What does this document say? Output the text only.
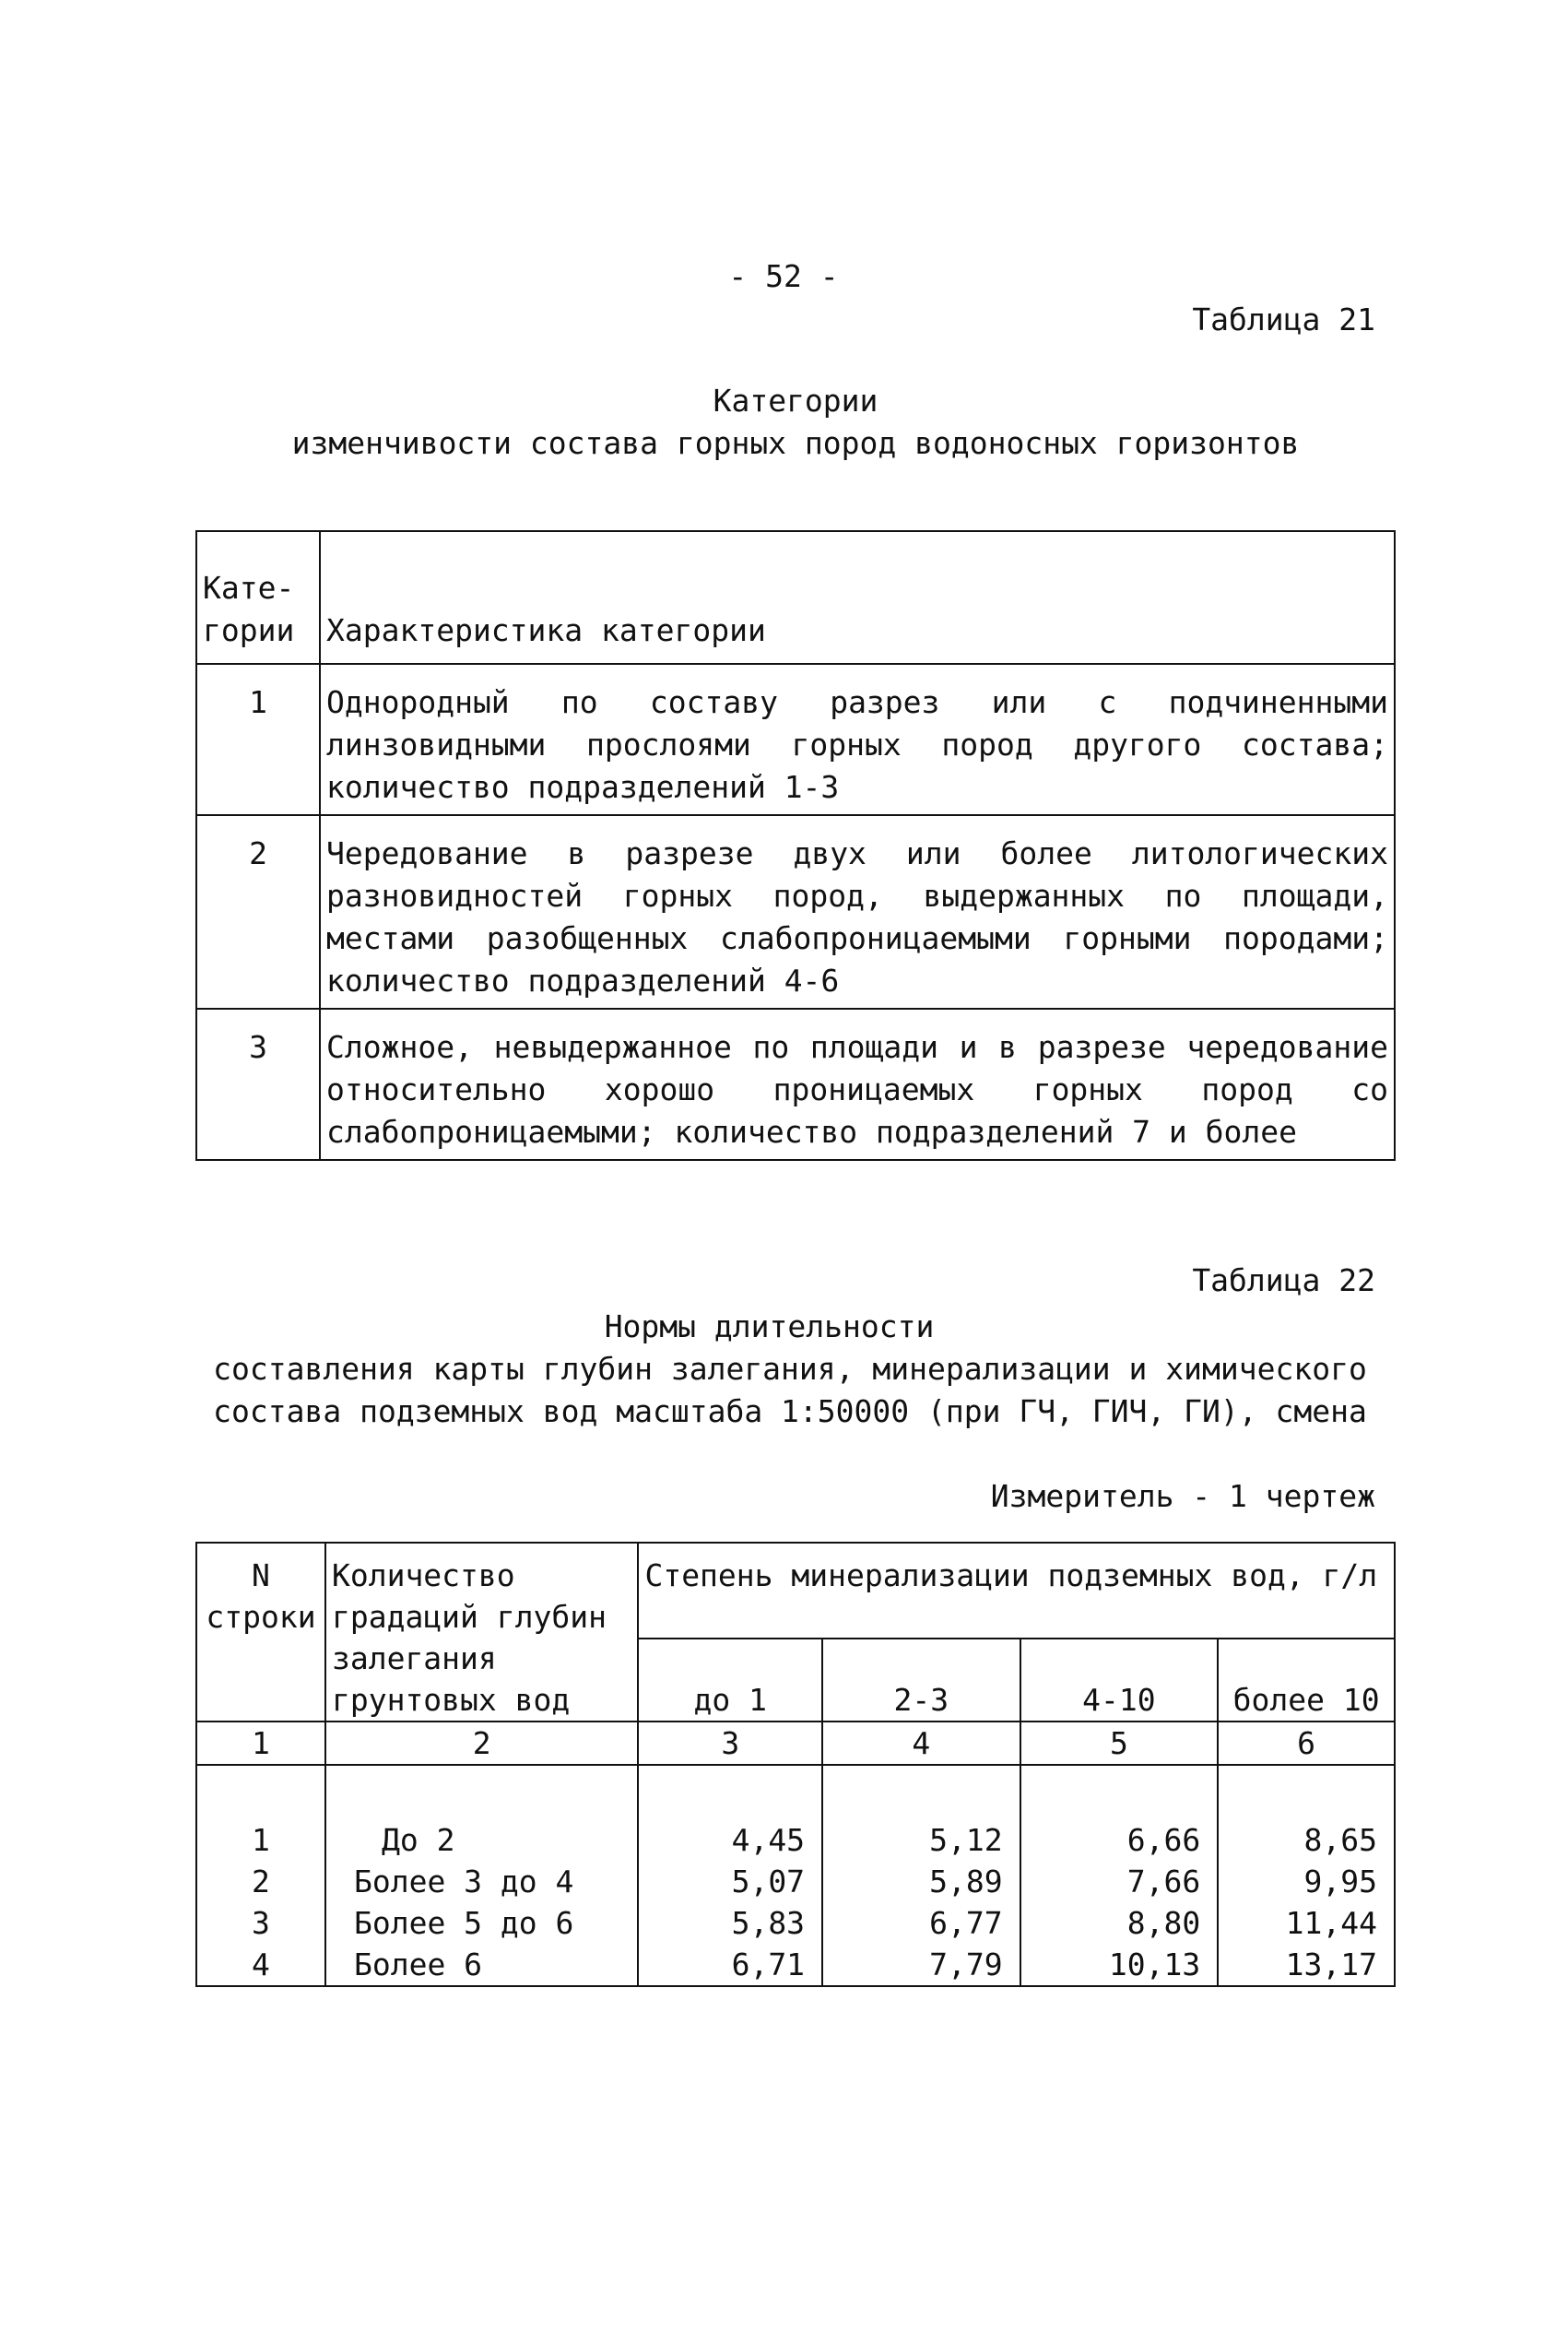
- 52 -
Таблица 21
Категории
изменчивости состава горных пород водоносных горизонтов
Кате-
гории	Характеристика категории
1	Однородный по составу разрез или с подчиненными линзовидными прослоями горных пород другого состава; количество подразделений 1-3
2	Чередование в разрезе двух или более литологических разновидностей горных пород, выдержанных по площади, местами разобщенных слабопроницаемыми горными породами; количество подразделений 4-6
3	Сложное, невыдержанное по площади и в разрезе чередование относительно хорошо проницаемых горных пород со слабопроницаемыми; количество подразделений 7 и более
Таблица 22
Нормы длительности
составления карты глубин залегания, минерализации и химического
состава подземных вод масштаба 1:50000 (при ГЧ, ГИЧ, ГИ), смена
Измеритель - 1 чертеж
N строки	Количество градаций глубин залегания грунтовых вод	Степень минерализации подземных вод, г/л			
		до 1	2-3	4-10	более 10
1	2	3	4	5	6

1	До 2	4,45	5,12	6,66	8,65
2	Более 3 до 4	5,07	5,89	7,66	9,95
3	Более 5 до 6	5,83	6,77	8,80	11,44
4	Более 6	6,71	7,79	10,13	13,17
